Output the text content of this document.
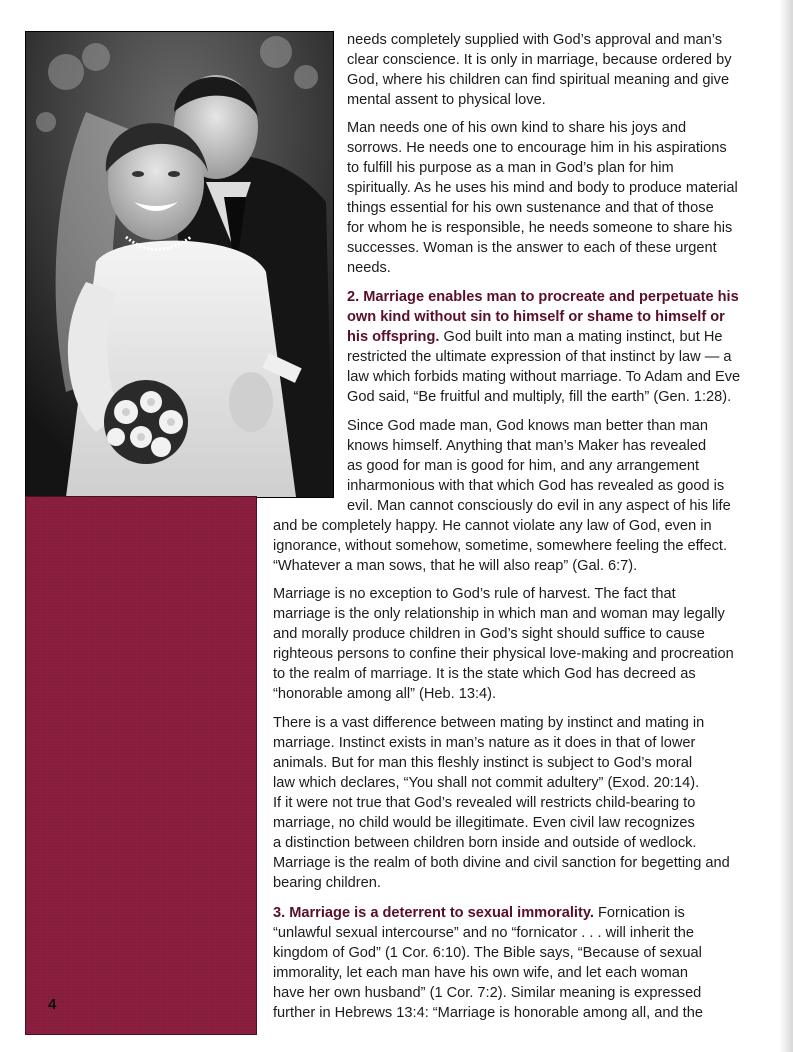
4
needs completely supplied with God’s approval and man’s
clear conscience. It is only in marriage, because ordered by
God, where his children can find spiritual meaning and give
mental assent to physical love.
Man needs one of his own kind to share his joys and
sorrows. He needs one to encourage him in his aspirations
to fulfill his purpose as a man in God’s plan for him
spiritually. As he uses his mind and body to produce material
things essential for his own sustenance and that of those
for whom he is responsible, he needs someone to share his
successes. Woman is the answer to each of these urgent
needs.
2. Marriage enables man to procreate and perpetuate his
own kind without sin to himself or shame to himself or
his offspring. God built into man a mating instinct, but He
restricted the ultimate expression of that instinct by law — a
law which forbids mating without marriage. To Adam and Eve
God said, “Be fruitful and multiply, fill the earth” (Gen. 1:28).
Since God made man, God knows man better than man
knows himself. Anything that man’s Maker has revealed
as good for man is good for him, and any arrangement
inharmonious with that which God has revealed as good is
evil. Man cannot consciously do evil in any aspect of his life
and be completely happy. He cannot violate any law of God, even in
ignorance, without somehow, sometime, somewhere feeling the effect.
“Whatever a man sows, that he will also reap” (Gal. 6:7).
Marriage is no exception to God’s rule of harvest. The fact that
marriage is the only relationship in which man and woman may legally
and morally produce children in God’s sight should suffice to cause
righteous persons to confine their physical love-making and procreation
to the realm of marriage. It is the state which God has decreed as
“honorable among all” (Heb. 13:4).
There is a vast difference between mating by instinct and mating in
marriage. Instinct exists in man’s nature as it does in that of lower
animals. But for man this fleshly instinct is subject to God’s moral
law which declares, “You shall not commit adultery” (Exod. 20:14).
If it were not true that God’s revealed will restricts child-bearing to
marriage, no child would be illegitimate. Even civil law recognizes
a distinction between children born inside and outside of wedlock.
Marriage is the realm of both divine and civil sanction for begetting and
bearing children.
3. Marriage is a deterrent to sexual immorality. Fornication is
“unlawful sexual intercourse” and no “fornicator . . . will inherit the
kingdom of God” (1 Cor. 6:10). The Bible says, “Because of sexual
immorality, let each man have his own wife, and let each woman
have her own husband” (1 Cor. 7:2). Similar meaning is expressed
further in Hebrews 13:4: “Marriage is honorable among all, and the
